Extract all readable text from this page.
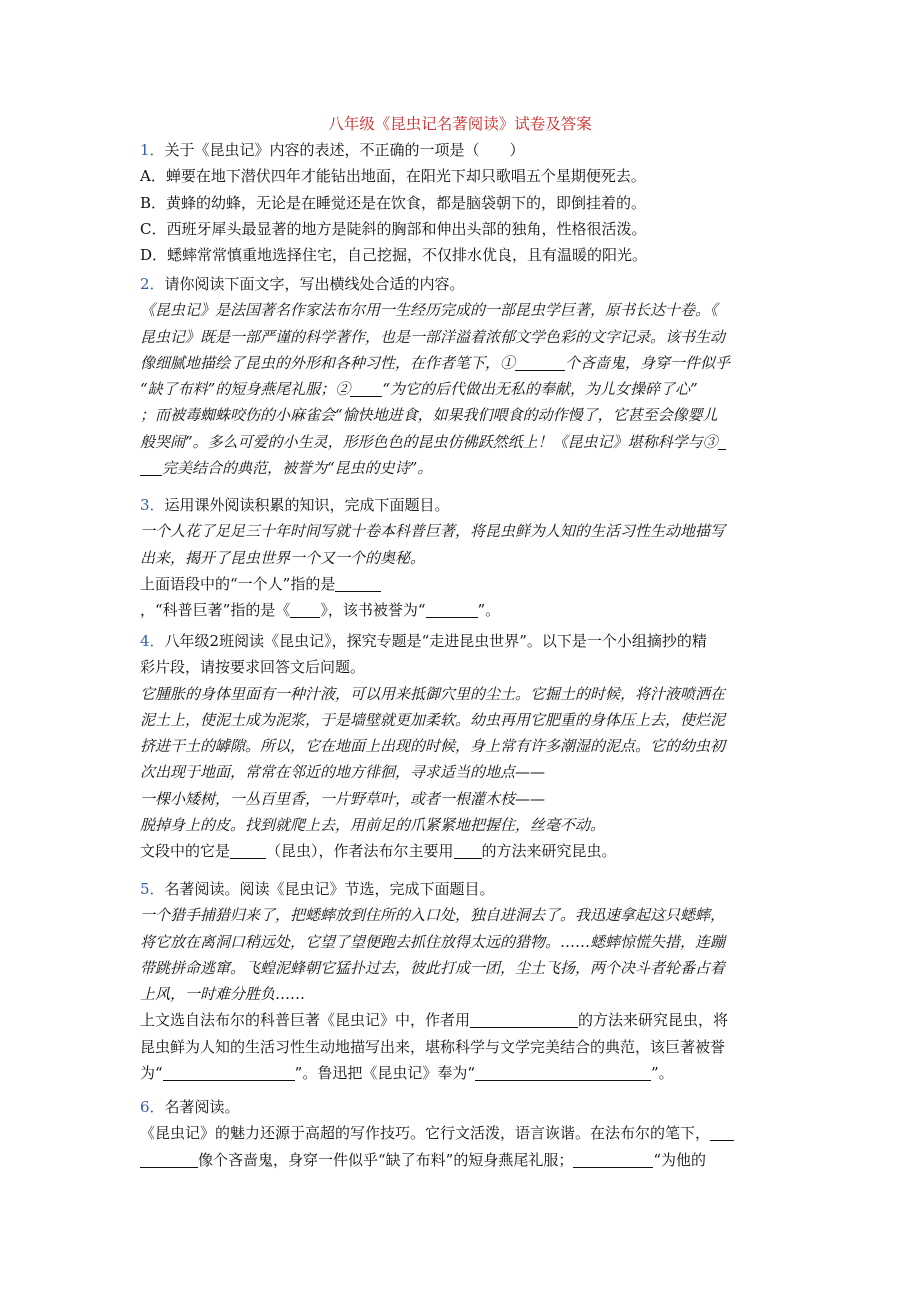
八年级《昆虫记名著阅读》试卷及答案
1．关于《昆虫记》内容的表述，不正确的一项是（　　）
A．蝉要在地下潜伏四年才能钻出地面，在阳光下却只歌唱五个星期便死去。
B．黄蜂的幼蜂，无论是在睡觉还是在饮食，都是脑袋朝下的，即倒挂着的。
C．西班牙犀头最显著的地方是陡斜的胸部和伸出头部的独角，性格很活泼。
D．蟋蟀常常慎重地选择住宅，自己挖掘，不仅排水优良，且有温暖的阳光。
2．请你阅读下面文字，写出横线处合适的内容。
《昆虫记》是法国著名作家法布尔用一生经历完成的一部昆虫学巨著，原书长达十卷。《
昆虫记》既是一部严谨的科学著作，也是一部洋溢着浓郁文学色彩的文字记录。该书生动
像细腻地描绘了昆虫的外形和各种习性，在作者笔下，①	个吝啬鬼，身穿一件似乎
“缺了布料”的短身燕尾礼服；② “为它的后代做出无私的奉献，为儿女操碎了心”
；而被毒蜘蛛咬伤的小麻雀会“愉快地进食，如果我们喂食的动作慢了，它甚至会像婴儿
般哭闹”。多么可爱的小生灵，形形色色的昆虫仿佛跃然纸上！《昆虫记》堪称科学与③
完美结合的典范，被誉为“昆虫的史诗”。
3．运用课外阅读积累的知识，完成下面题目。
一个人花了足足三十年时间写就十卷本科普巨著，将昆虫鲜为人知的生活习性生动地描写
出来，揭开了昆虫世界一个又一个的奥秘。
上面语段中的“一个人”指的是
，“科普巨著”指的是《 》，该书被誉为“	”。
4．八年级2班阅读《昆虫记》，探究专题是“走进昆虫世界”。以下是一个小组摘抄的精
彩片段，请按要求回答文后问题。
它腫胀的身体里面有一种汁液，可以用来抵御穴里的尘土。它掘土的时候，将汁液喷洒在
泥土上，使泥土成为泥浆，于是墙壁就更加柔软。幼虫再用它肥重的身体压上去，使烂泥
挤进干土的罅隙。所以，它在地面上出现的时候，身上常有许多潮湿的泥点。它的幼虫初
次出现于地面，常常在邻近的地方徘徊，寻求适当的地点——
一棵小矮树，一丛百里香，一片野草叶，或者一根灌木枝——
脱掉身上的皮。找到就爬上去，用前足的爪紧紧地把握住，丝毫不动。
文段中的它是 （昆虫），作者法布尔主要用 的方法来研究昆虫。
5．名著阅读。阅读《昆虫记》节选，完成下面题目。
一个猎手捕猎归来了，把蟋蟀放到住所的入口处，独自进洞去了。我迅速拿起这只蟋蟀，
将它放在离洞口稍远处，它望了望便跑去抓住放得太远的猎物。……蟋蟀惊慌失措，连蹦
带跳拼命逃窜。飞蝗泥蜂朝它猛扑过去，彼此打成一团，尘土飞扬，两个决斗者轮番占着
上风，一时难分胜负……
上文选自法布尔的科普巨著《昆虫记》中，作者用	的方法来研究昆虫，将
昆虫鲜为人知的生活习性生动地描写出来，堪称科学与文学完美结合的典范，该巨著被誉
为“	”。鲁迅把《昆虫记》奉为“	”。
6．名著阅读。
《昆虫记》的魅力还源于高超的写作技巧。它行文活泼，语言诙谐。在法布尔的笔下，
像个吝啬鬼，身穿一件似乎“缺了布料”的短身燕尾礼服；	“为他的
